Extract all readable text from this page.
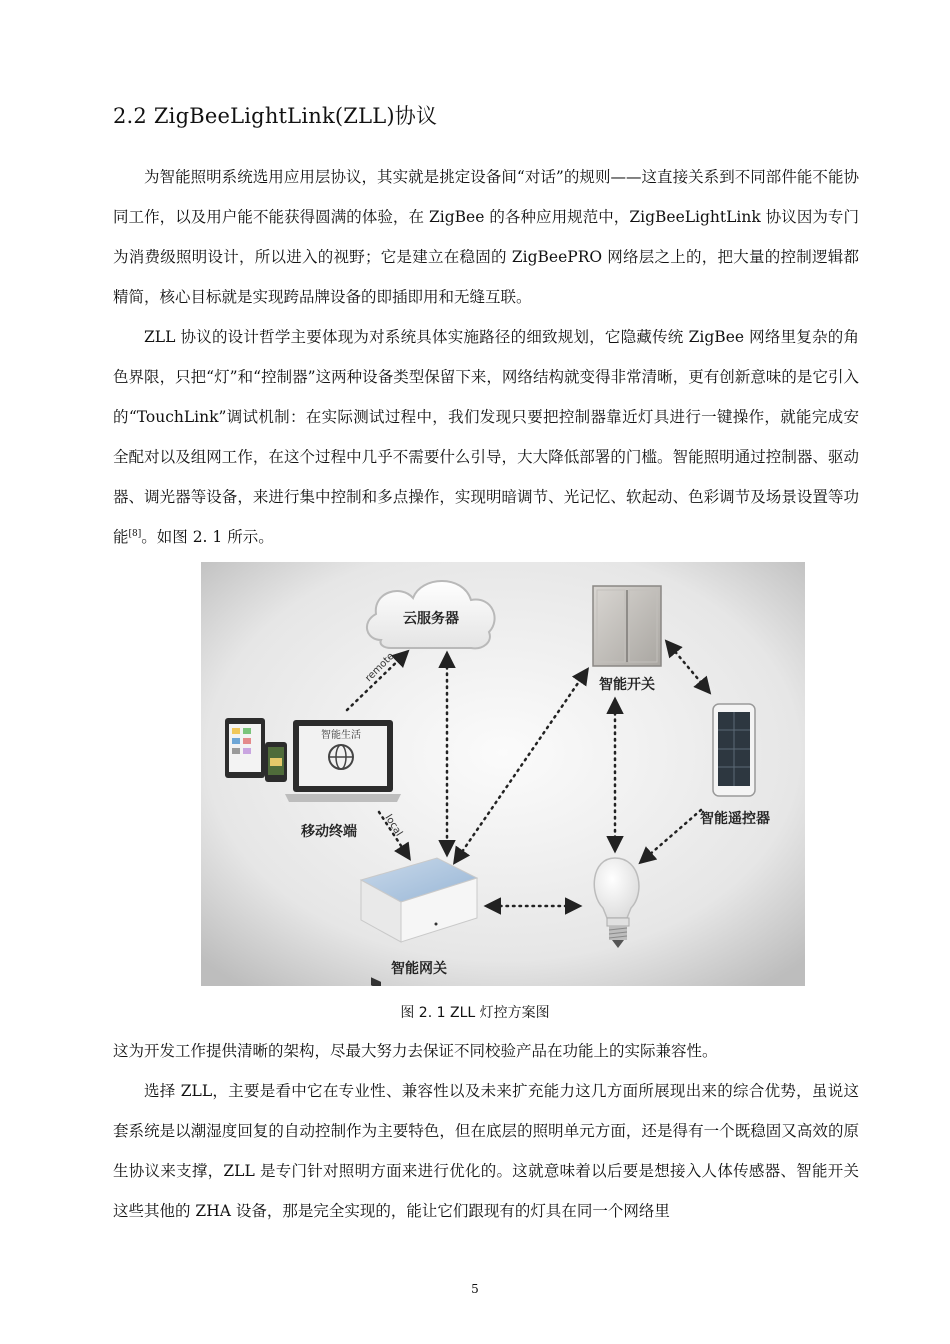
2.2 ZigBeeLightLink(ZLL)协议

为智能照明系统选用应用层协议，其实就是挑定设备间“对话”的规则——这直接关系到不同部件能不能协同工作，以及用户能不能获得圆满的体验，在 ZigBee 的各种应用规范中，ZigBeeLightLink 协议因为专门为消费级照明设计，所以进入的视野；它是建立在稳固的 ZigBeePRO 网络层之上的，把大量的控制逻辑都精简，核心目标就是实现跨品牌设备的即插即用和无缝互联。

ZLL 协议的设计哲学主要体现为对系统具体实施路径的细致规划，它隐藏传统 ZigBee 网络里复杂的角色界限，只把“灯”和“控制器”这两种设备类型保留下来，网络结构就变得非常清晰，更有创新意味的是它引入的“TouchLink”调试机制：在实际测试过程中，我们发现只要把控制器靠近灯具进行一键操作，就能完成安全配对以及组网工作，在这个过程中几乎不需要什么引导，大大降低部署的门槛。智能照明通过控制器、驱动器、调光器等设备，来进行集中控制和多点操作，实现明暗调节、光记忆、软起动、色彩调节及场景设置等功能[8]。如图 2. 1 所示。

云服务器
智能开关
智能生活
移动终端
智能遥控器
智能网关
remote
local
图 2. 1 ZLL 灯控方案图

这为开发工作提供清晰的架构，尽最大努力去保证不同校验产品在功能上的实际兼容性。

选择 ZLL，主要是看中它在专业性、兼容性以及未来扩充能力这几方面所展现出来的综合优势，虽说这套系统是以潮湿度回复的自动控制作为主要特色，但在底层的照明单元方面，还是得有一个既稳固又高效的原生协议来支撑，ZLL 是专门针对照明方面来进行优化的。这就意味着以后要是想接入人体传感器、智能开关这些其他的 ZHA 设备，那是完全实现的，能让它们跟现有的灯具在同一个网络里

5
